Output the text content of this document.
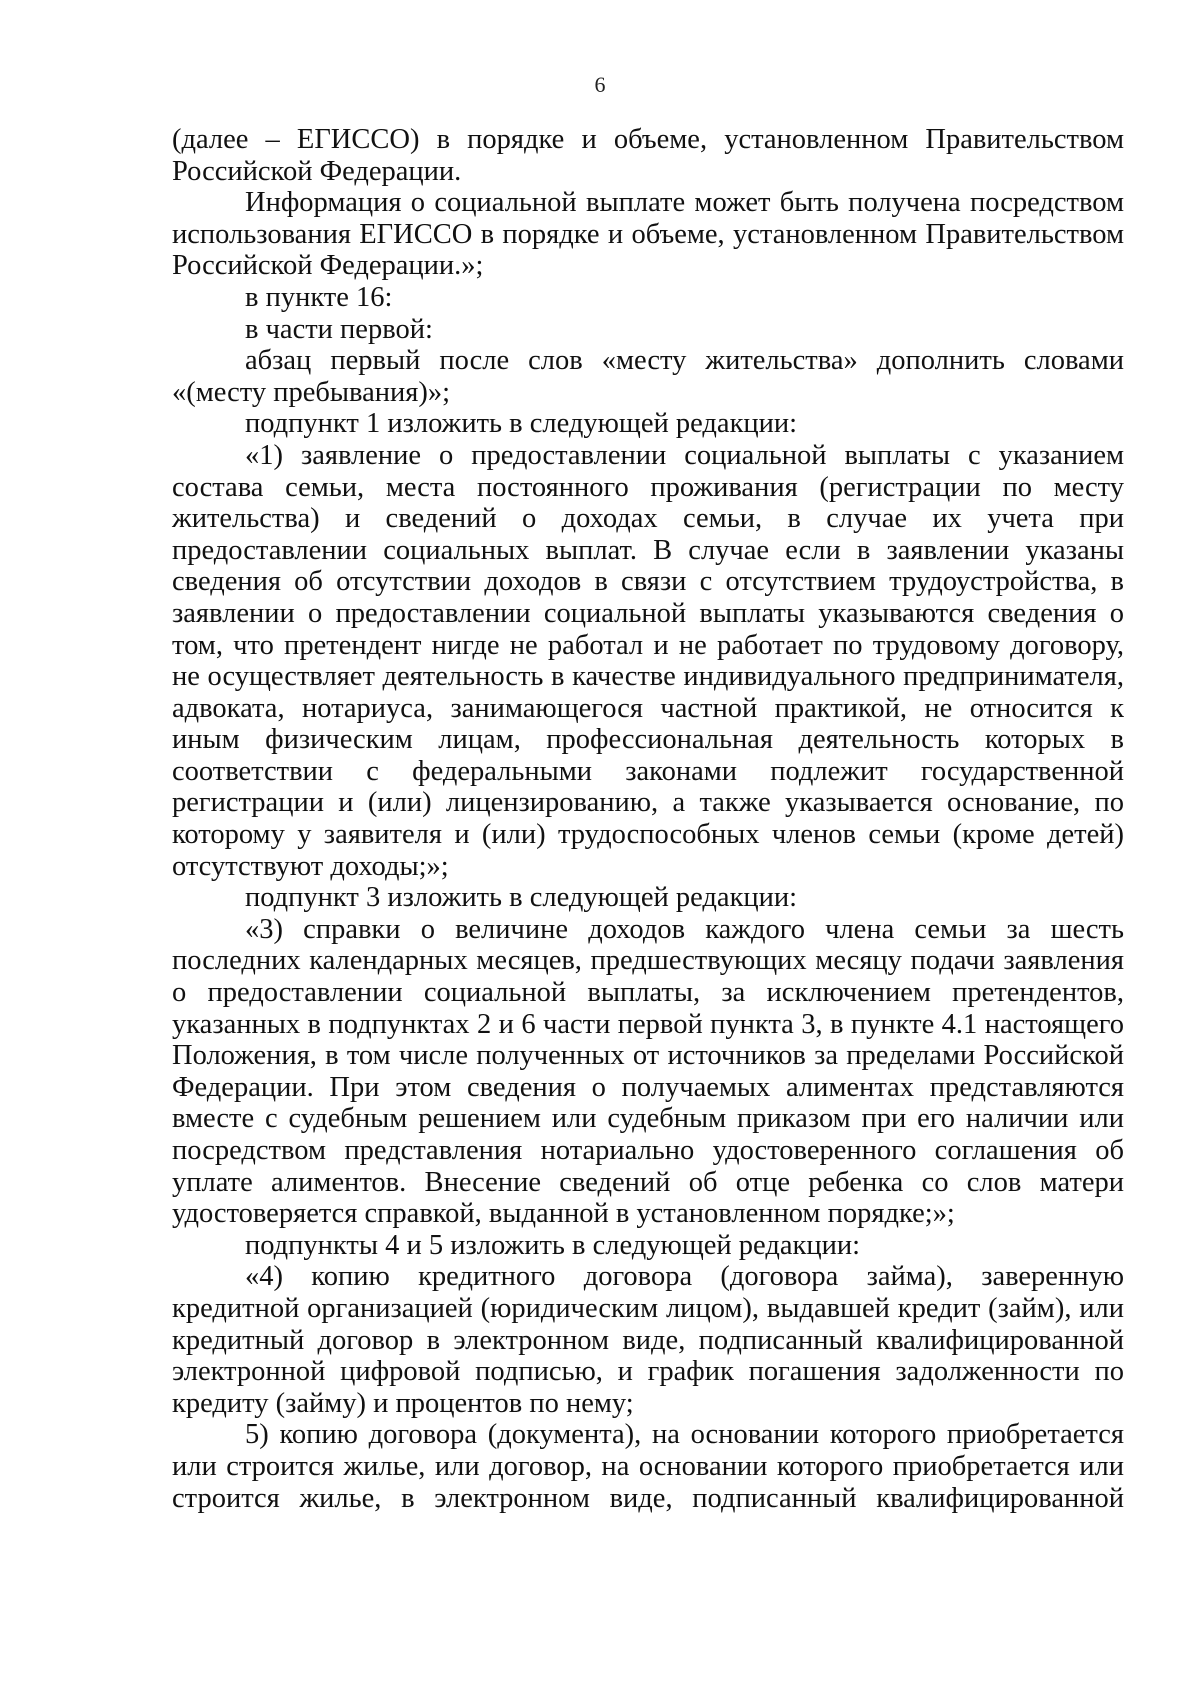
6

(далее – ЕГИССО) в порядке и объеме, установленном Правительством Российской Федерации.

Информация о социальной выплате может быть получена посредством использования ЕГИССО в порядке и объеме, установленном Правительством Российской Федерации.»;

в пункте 16:

в части первой:

абзац первый после слов «месту жительства» дополнить словами «(месту пребывания)»;

подпункт 1 изложить в следующей редакции:

«1) заявление о предоставлении социальной выплаты с указанием состава семьи, места постоянного проживания (регистрации по месту жительства) и сведений о доходах семьи, в случае их учета при предоставлении социальных выплат. В случае если в заявлении указаны сведения об отсутствии доходов в связи с отсутствием трудоустройства, в заявлении о предоставлении социальной выплаты указываются сведения о том, что претендент нигде не работал и не работает по трудовому договору, не осуществляет деятельность в качестве индивидуального предпринимателя, адвоката, нотариуса, занимающегося частной практикой, не относится к иным физическим лицам, профессиональная деятельность которых в соответствии с федеральными законами подлежит государственной регистрации и (или) лицензированию, а также указывается основание, по которому у заявителя и (или) трудоспособных членов семьи (кроме детей) отсутствуют доходы;»;

подпункт 3 изложить в следующей редакции:

«3) справки о величине доходов каждого члена семьи за шесть последних календарных месяцев, предшествующих месяцу подачи заявления о предоставлении социальной выплаты, за исключением претендентов, указанных в подпунктах 2 и 6 части первой пункта 3, в пункте 4.1 настоящего Положения, в том числе полученных от источников за пределами Российской Федерации. При этом сведения о получаемых алиментах представляются вместе с судебным решением или судебным приказом при его наличии или посредством представления нотариально удостоверенного соглашения об уплате алиментов. Внесение сведений об отце ребенка со слов матери удостоверяется справкой, выданной в установленном порядке;»;

подпункты 4 и 5 изложить в следующей редакции:

«4) копию кредитного договора (договора займа), заверенную кредитной организацией (юридическим лицом), выдавшей кредит (займ), или кредитный договор в электронном виде, подписанный квалифицированной электронной цифровой подписью, и график погашения задолженности по кредиту (займу) и процентов по нему;

5) копию договора (документа), на основании которого приобретается или строится жилье, или договор, на основании которого приобретается или строится жилье, в электронном виде, подписанный квалифицированной
